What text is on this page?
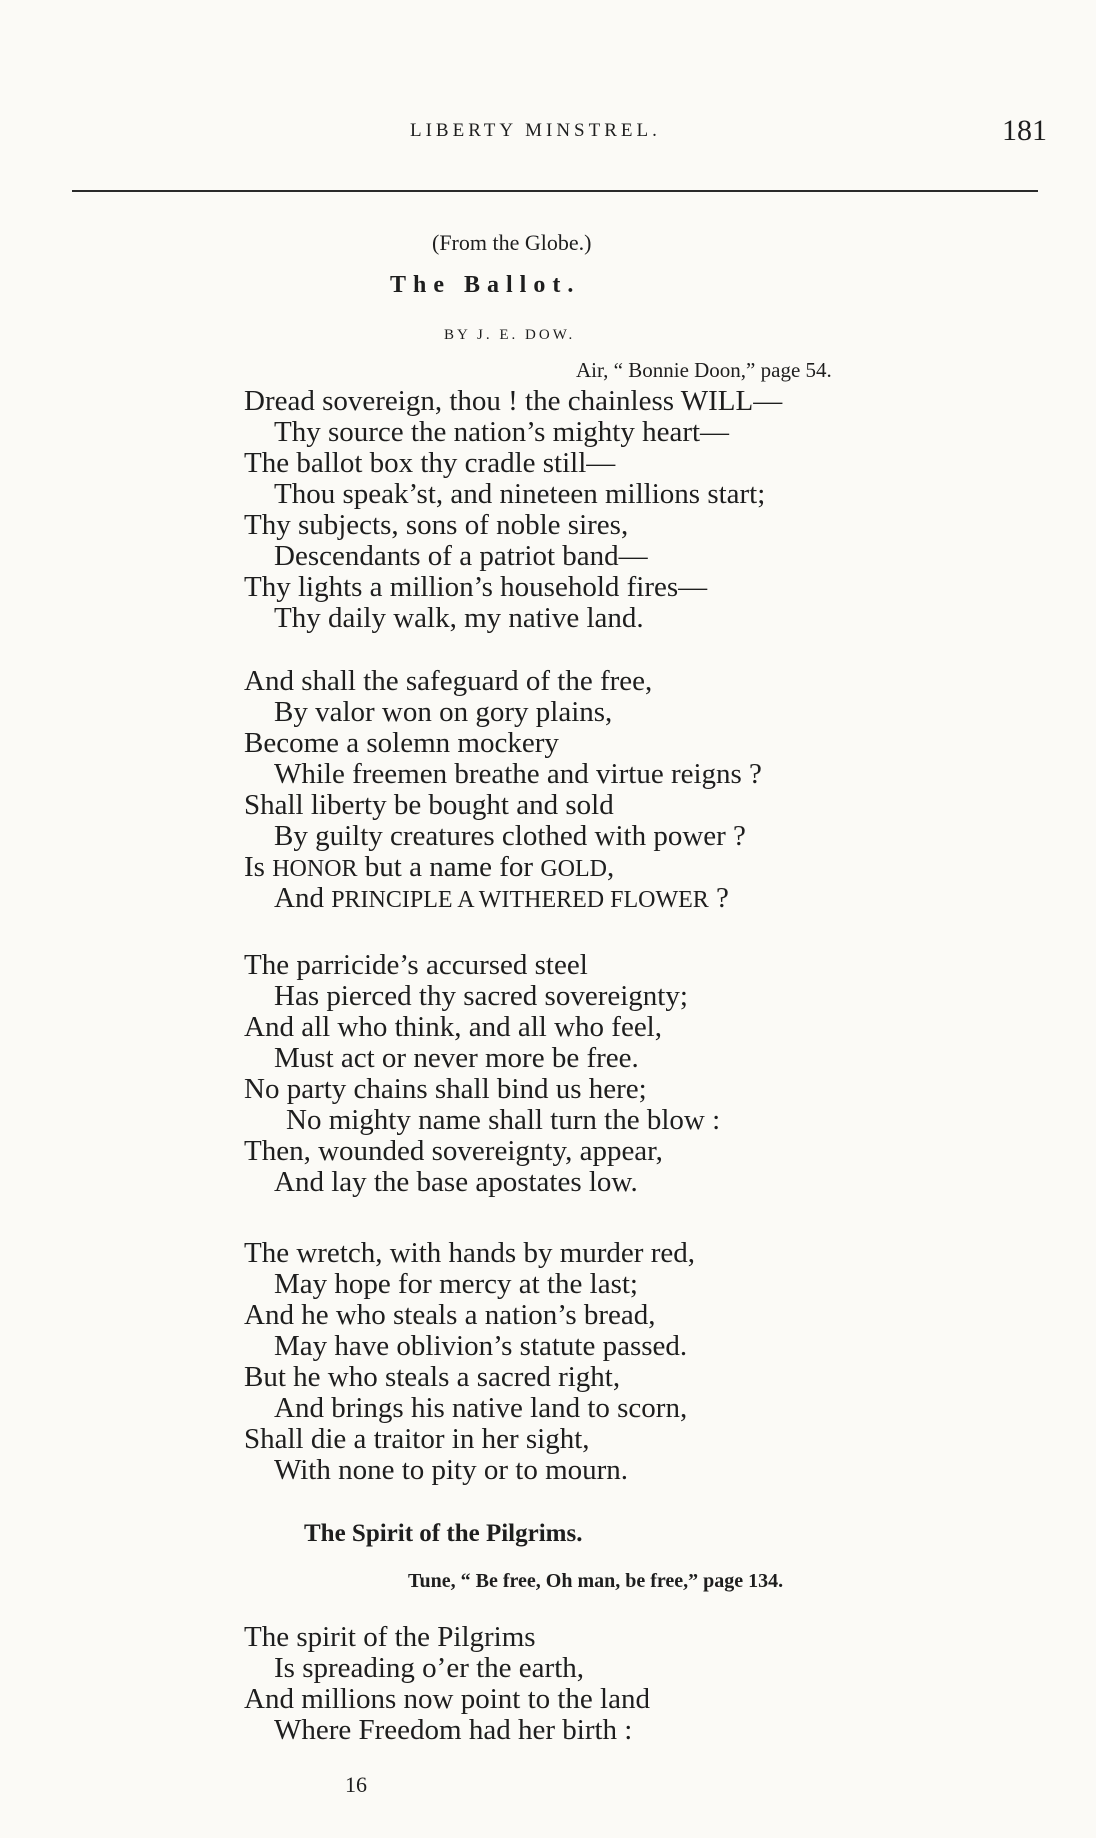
LIBERTY MINSTREL.	181
(From the Globe.)
The Ballot.
BY J. E. DOW.
Air, “ Bonnie Doon,” page 54.
Dread sovereign, thou ! the chainless WILL—
Thy source the nation’s mighty heart—
The ballot box thy cradle still—
Thou speak’st, and nineteen millions start;
Thy subjects, sons of noble sires,
Descendants of a patriot band—
Thy lights a million’s household fires—
Thy daily walk, my native land.
And shall the safeguard of the free,
By valor won on gory plains,
Become a solemn mockery
While freemen breathe and virtue reigns ?
Shall liberty be bought and sold
By guilty creatures clothed with power ?
Is HONOR but a name for GOLD,
And PRINCIPLE A WITHERED FLOWER ?
The parricide’s accursed steel
Has pierced thy sacred sovereignty;
And all who think, and all who feel,
Must act or never more be free.
No party chains shall bind us here;
No mighty name shall turn the blow :
Then, wounded sovereignty, appear,
And lay the base apostates low.
The wretch, with hands by murder red,
May hope for mercy at the last;
And he who steals a nation’s bread,
May have oblivion’s statute passed.
But he who steals a sacred right,
And brings his native land to scorn,
Shall die a traitor in her sight,
With none to pity or to mourn.
The Spirit of the Pilgrims.
Tune, “ Be free, Oh man, be free,” page 134.
The spirit of the Pilgrims
Is spreading o’er the earth,
And millions now point to the land
Where Freedom had her birth :
16
